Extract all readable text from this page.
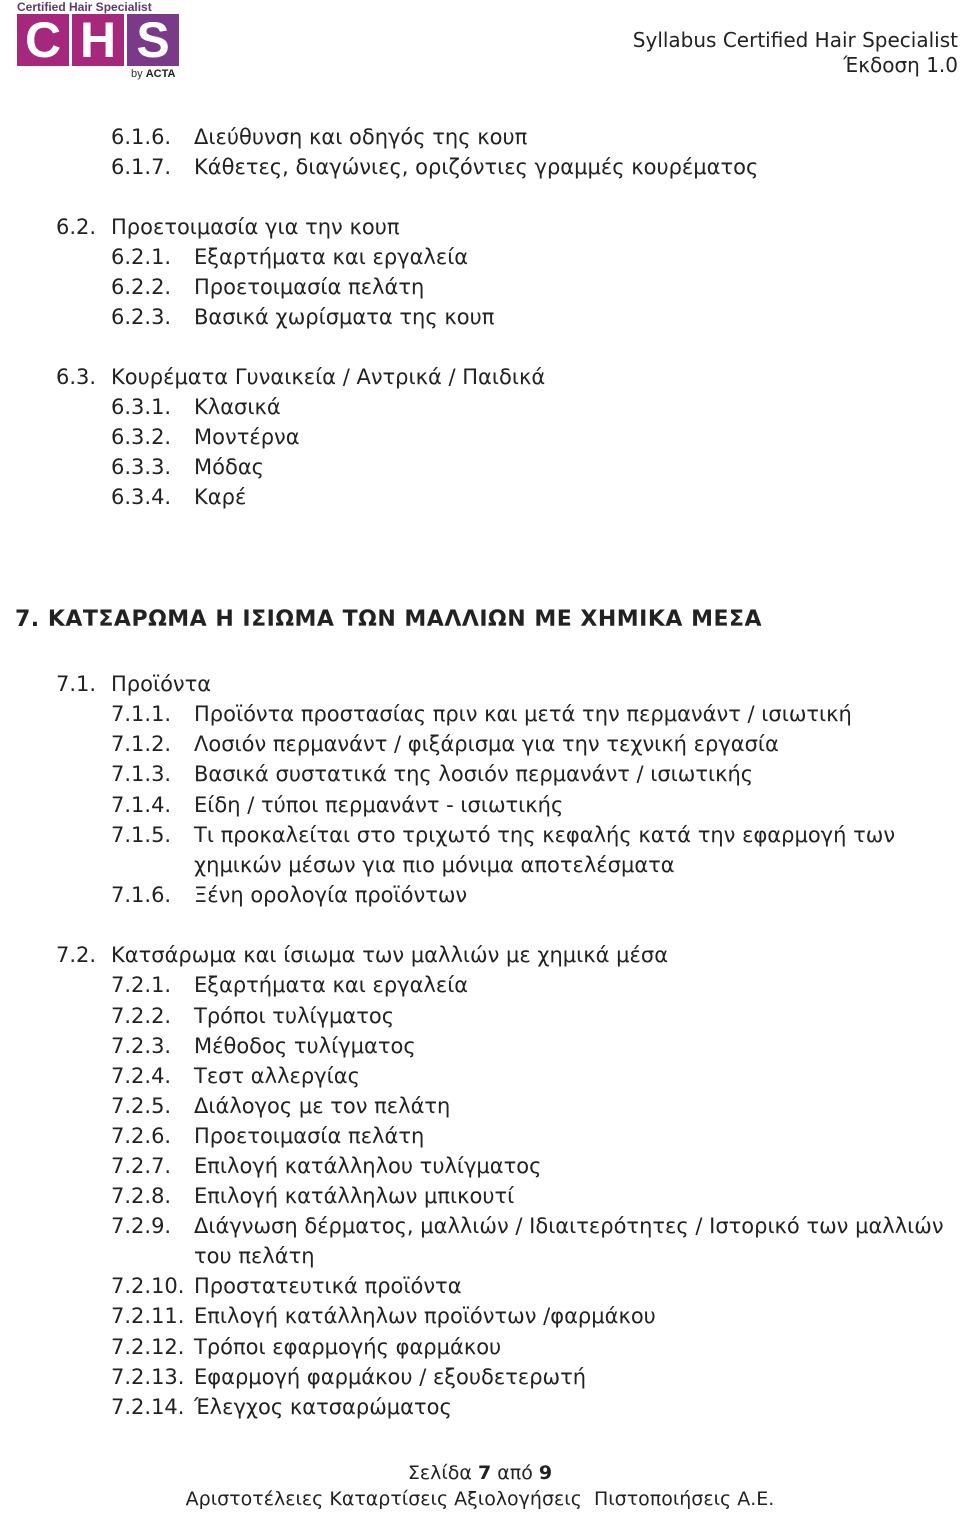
Certified Hair Specialist
C H S
by ACTA
Syllabus Certified Hair Specialist
Έκδοση 1.0
6.1.6. Διεύθυνση και οδηγός της κουπ
6.1.7. Κάθετες, διαγώνιες, οριζόντιες γραμμές κουρέματος
6.2. Προετοιμασία για την κουπ
6.2.1. Εξαρτήματα και εργαλεία
6.2.2. Προετοιμασία πελάτη
6.2.3. Βασικά χωρίσματα της κουπ
6.3. Κουρέματα Γυναικεία / Αντρικά / Παιδικά
6.3.1. Κλασικά
6.3.2. Μοντέρνα
6.3.3. Μόδας
6.3.4. Καρέ
7. ΚΑΤΣΑΡΩΜΑ Η ΙΣΙΩΜΑ ΤΩΝ ΜΑΛΛΙΩΝ ΜΕ ΧΗΜΙΚΑ ΜΕΣΑ
7.1. Προϊόντα
7.1.1. Προϊόντα προστασίας πριν και μετά την περμανάντ / ισιωτική
7.1.2. Λοσιόν περμανάντ / φιξάρισμα για την τεχνική εργασία
7.1.3. Βασικά συστατικά της λοσιόν περμανάντ / ισιωτικής
7.1.4. Είδη / τύποι περμανάντ - ισιωτικής
7.1.5. Τι προκαλείται στο τριχωτό της κεφαλής κατά την εφαρμογή των
χημικών μέσων για πιο μόνιμα αποτελέσματα
7.1.6. Ξένη ορολογία προϊόντων
7.2. Κατσάρωμα και ίσιωμα των μαλλιών με χημικά μέσα
7.2.1. Εξαρτήματα και εργαλεία
7.2.2. Τρόποι τυλίγματος
7.2.3. Μέθοδος τυλίγματος
7.2.4. Τεστ αλλεργίας
7.2.5. Διάλογος με τον πελάτη
7.2.6. Προετοιμασία πελάτη
7.2.7. Επιλογή κατάλληλου τυλίγματος
7.2.8. Επιλογή κατάλληλων μπικουτί
7.2.9. Διάγνωση δέρματος, μαλλιών / Ιδιαιτερότητες / Ιστορικό των μαλλιών
του πελάτη
7.2.10. Προστατευτικά προϊόντα
7.2.11. Επιλογή κατάλληλων προϊόντων /φαρμάκου
7.2.12. Τρόποι εφαρμογής φαρμάκου
7.2.13. Εφαρμογή φαρμάκου / εξουδετερωτή
7.2.14. Έλεγχος κατσαρώματος
Σελίδα 7 από 9
Αριστοτέλειες Καταρτίσεις Αξιολογήσεις  Πιστοποιήσεις Α.Ε.
